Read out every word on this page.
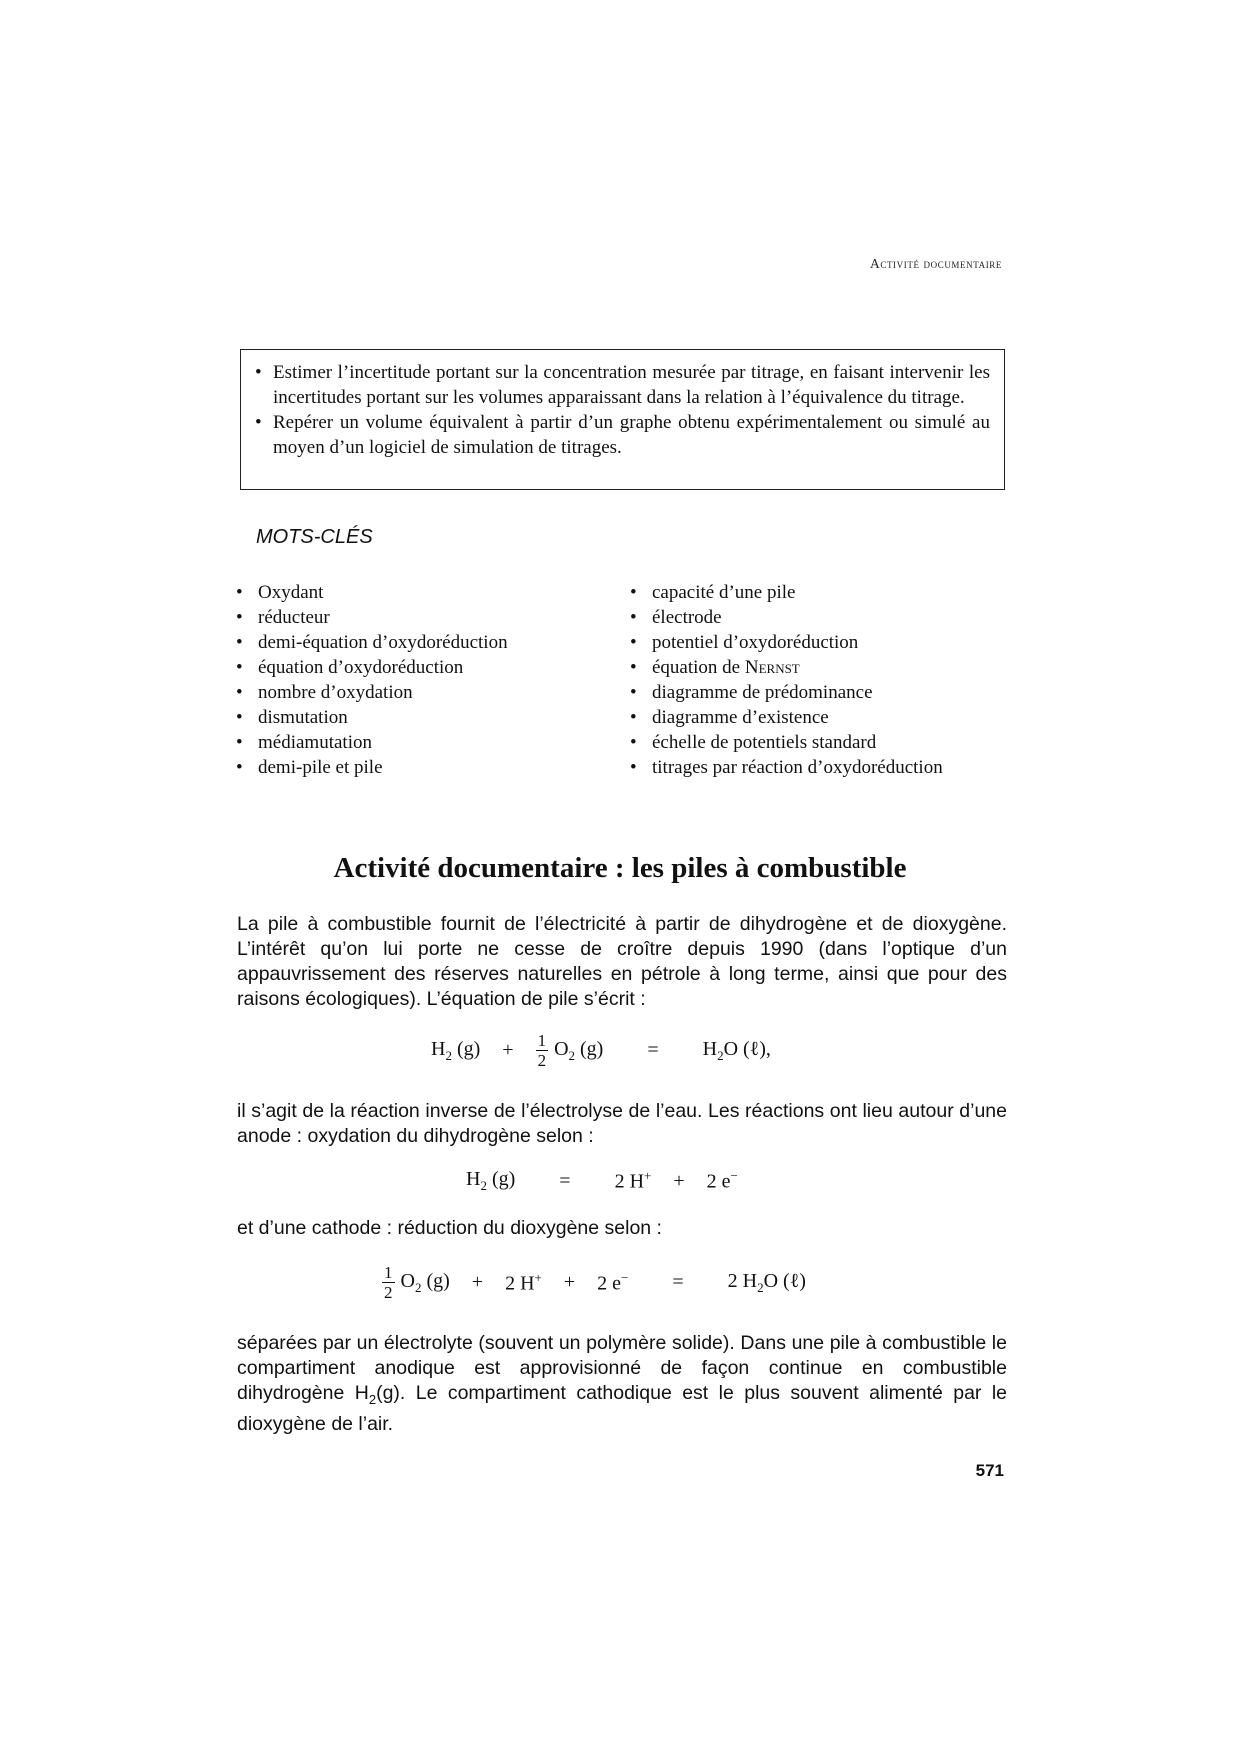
Activité documentaire
• Estimer l’incertitude portant sur la concentration mesurée par titrage, en faisant intervenir les incertitudes portant sur les volumes apparaissant dans la relation à l’équivalence du titrage.
• Repérer un volume équivalent à partir d’un graphe obtenu expérimentalement ou simulé au moyen d’un logiciel de simulation de titrages.
MOTS-CLÉS
• Oxydant
• réducteur
• demi-équation d’oxydoréduction
• équation d’oxydoréduction
• nombre d’oxydation
• dismutation
• médiamutation
• demi-pile et pile
• capacité d’une pile
• électrode
• potentiel d’oxydoréduction
• équation de Nernst
• diagramme de prédominance
• diagramme d’existence
• échelle de potentiels standard
• titrages par réaction d’oxydoréduction
Activité documentaire : les piles à combustible

La pile à combustible fournit de l’électricité à partir de dihydrogène et de dioxygène. L’intérêt qu’on lui porte ne cesse de croître depuis 1990 (dans l’optique d’un appauvrissement des réserves naturelles en pétrole à long terme, ainsi que pour des raisons écologiques). L’équation de pile s’écrit :

$H_2$ $(g) + \frac{1}{2} O_2$ $(g) = H_2O$ (ℓ),

il s’agit de la réaction inverse de l’électrolyse de l’eau. Les réactions ont lieu autour d’une anode : oxydation du dihydrogène selon :

$H_2$ (g) = 2 H+ + 2 e−

et d’une cathode : réduction du dioxygène selon :

$\frac{1}{2} O_2$ (g) + 2 H+ + 2 e− = 2 $H_2O$ (ℓ)

séparées par un électrolyte (souvent un polymère solide). Dans une pile à combustible le compartiment anodique est approvisionné de façon continue en combustible dihydrogène $H_2(g)$. Le compartiment cathodique est le plus souvent alimenté par le dioxygène de l’air.

571
